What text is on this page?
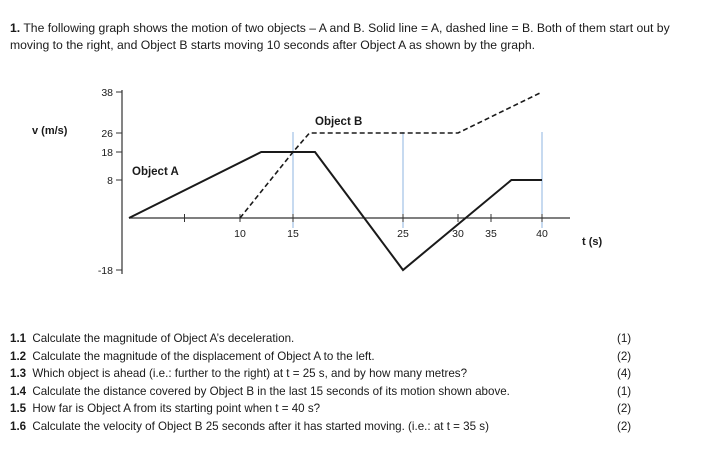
1. The following graph shows the motion of two objects – A and B. Solid line = A, dashed line = B. Both of them start out by moving to the right, and Object B starts moving 10 seconds after Object A as shown by the graph.

10	15	25	30 35	40
38
26
18
8
-18
v (m/s)
t (s)
Object A
Object B
1.1 Calculate the magnitude of Object A’s deceleration.	(1)
1.2 Calculate the magnitude of the displacement of Object A to the left.	(2)
1.3 Which object is ahead (i.e.: further to the right) at t = 25 s, and by how many metres?	(4)
1.4 Calculate the distance covered by Object B in the last 15 seconds of its motion shown above.	(1)
1.5 How far is Object A from its starting point when t = 40 s?	(2)
1.6 Calculate the velocity of Object B 25 seconds after it has started moving. (i.e.: at t = 35 s)	(2)
